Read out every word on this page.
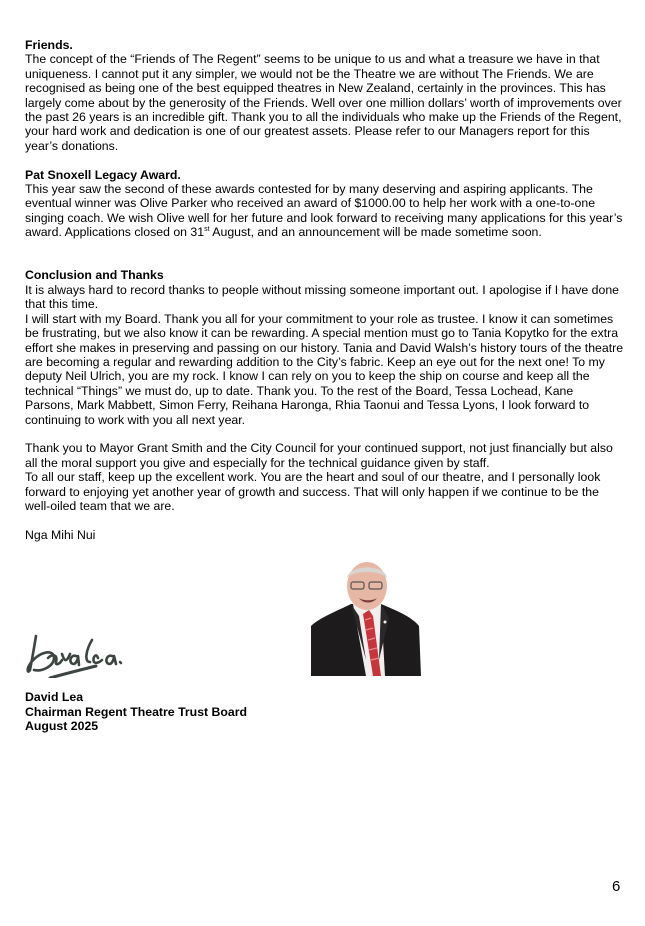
Friends.
The concept of the “Friends of The Regent” seems to be unique to us and what a treasure we have in that uniqueness. I cannot put it any simpler, we would not be the Theatre we are without The Friends. We are recognised as being one of the best equipped theatres in New Zealand, certainly in the provinces. This has largely come about by the generosity of the Friends. Well over one million dollars’ worth of improvements over the past 26 years is an incredible gift. Thank you to all the individuals who make up the Friends of the Regent, your hard work and dedication is one of our greatest assets. Please refer to our Managers report for this year’s donations.
Pat Snoxell Legacy Award.
This year saw the second of these awards contested for by many deserving and aspiring applicants. The eventual winner was Olive Parker who received an award of $1000.00 to help her work with a one-to-one singing coach. We wish Olive well for her future and look forward to receiving many applications for this year’s award. Applications closed on 31st August, and an announcement will be made sometime soon.
Conclusion and Thanks
It is always hard to record thanks to people without missing someone important out. I apologise if I have done that this time.
I will start with my Board. Thank you all for your commitment to your role as trustee. I know it can sometimes be frustrating, but we also know it can be rewarding. A special mention must go to Tania Kopytko for the extra effort she makes in preserving and passing on our history. Tania and David Walsh’s history tours of the theatre are becoming a regular and rewarding addition to the City’s fabric. Keep an eye out for the next one! To my deputy Neil Ulrich, you are my rock. I know I can rely on you to keep the ship on course and keep all the technical “Things” we must do, up to date. Thank you. To the rest of the Board, Tessa Lochead, Kane Parsons, Mark Mabbett, Simon Ferry, Reihana Haronga, Rhia Taonui and Tessa Lyons, I look forward to continuing to work with you all next year.
Thank you to Mayor Grant Smith and the City Council for your continued support, not just financially but also all the moral support you give and especially for the technical guidance given by staff.
To all our staff, keep up the excellent work. You are the heart and soul of our theatre, and I personally look forward to enjoying yet another year of growth and success. That will only happen if we continue to be the well-oiled team that we are.
Nga Mihi Nui
David Lea
Chairman Regent Theatre Trust Board
August 2025
6
